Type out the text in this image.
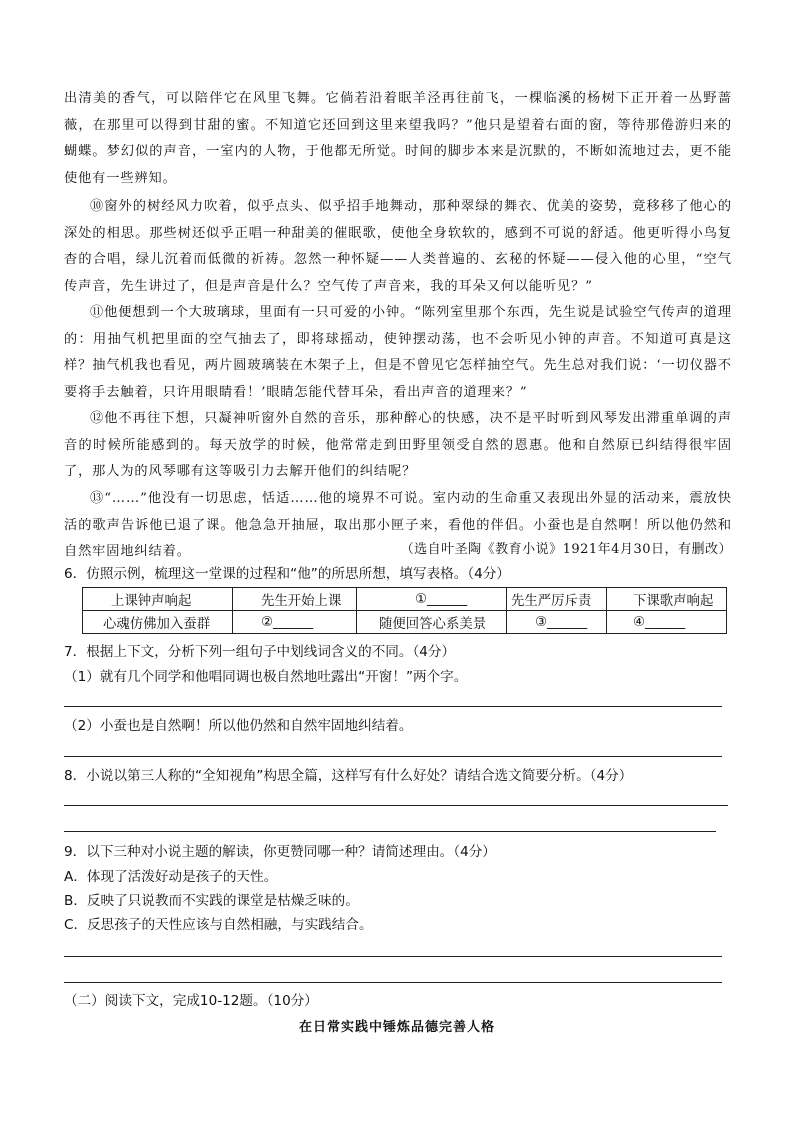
出清美的香气，可以陪伴它在风里飞舞。它倘若沿着眠羊泾再往前飞，一棵临溪的杨树下正开着一丛野蔷薇，在那里可以得到甘甜的蜜。不知道它还回到这里来望我吗？”他只是望着右面的窗，等待那倦游归来的蝴蝶。梦幻似的声音，一室内的人物，于他都无所觉。时间的脚步本来是沉默的，不断如流地过去，更不能使他有一些辨知。

⑩窗外的树经风力吹着，似乎点头、似乎招手地舞动，那种翠绿的舞衣、优美的姿势，竟移移了他心的深处的相思。那些树还似乎正唱一种甜美的催眠歌，使他全身软软的，感到不可说的舒适。他更听得小鸟复杳的合唱，绿儿沉着而低微的祈祷。忽然一种怀疑——人类普遍的、玄秘的怀疑——侵入他的心里，“空气传声音，先生讲过了，但是声音是什么？空气传了声音来，我的耳朵又何以能听见？”

⑪他便想到一个大玻璃球，里面有一只可爱的小钟。“陈列室里那个东西，先生说是试验空气传声的道理的：用抽气机把里面的空气抽去了，即将球摇动，使钟摆动荡，也不会听见小钟的声音。不知道可真是这样？抽气机我也看见，两片圆玻璃装在木架子上，但是不曾见它怎样抽空气。先生总对我们说：‘一切仪器不要将手去触着，只许用眼睛看！’眼睛怎能代替耳朵，看出声音的道理来？”

⑫他不再往下想，只凝神听窗外自然的音乐，那种醉心的快感，决不是平时听到风琴发出滞重单调的声音的时候所能感到的。每天放学的时候，他常常走到田野里领受自然的恩惠。他和自然原已纠结得很牢固了，那人为的风琴哪有这等吸引力去解开他们的纠结呢？

⑬“……”他没有一切思虑，恬适……他的境界不可说。室内动的生命重又表现出外显的活动来，震放快活的歌声告诉他已退了课。他急急开抽屉，取出那小匣子来，看他的伴侣。小蚕也是自然啊！所以他仍然和自然牢固地纠结着。	（选自叶圣陶《教育小说》1921年4月30日，有删改）
6．仿照示例，梳理这一堂课的过程和“他”的所思所想，填写表格。（4分）
上课钟声响起	先生开始上课	①______	先生严厉斥责	下课歌声响起
心魂仿佛加入蚕群	②______	随便回答心系美景	③______	④______
7．根据上下文，分析下列一组句子中划线词含义的不同。（4分）
（1）就有几个同学和他唱同调也极自然地吐露出“开窗！”两个字。
（2）小蚕也是自然啊！所以他仍然和自然牢固地纠结着。
8．小说以第三人称的“全知视角”构思全篇，这样写有什么好处？请结合选文简要分析。（4分）
9．以下三种对小说主题的解读，你更赞同哪一种？请简述理由。（4分）
A．体现了活泼好动是孩子的天性。
B．反映了只说教而不实践的课堂是枯燥乏味的。
C．反思孩子的天性应该与自然相融，与实践结合。
（二）阅读下文，完成10-12题。（10分）
在日常实践中锤炼品德完善人格
